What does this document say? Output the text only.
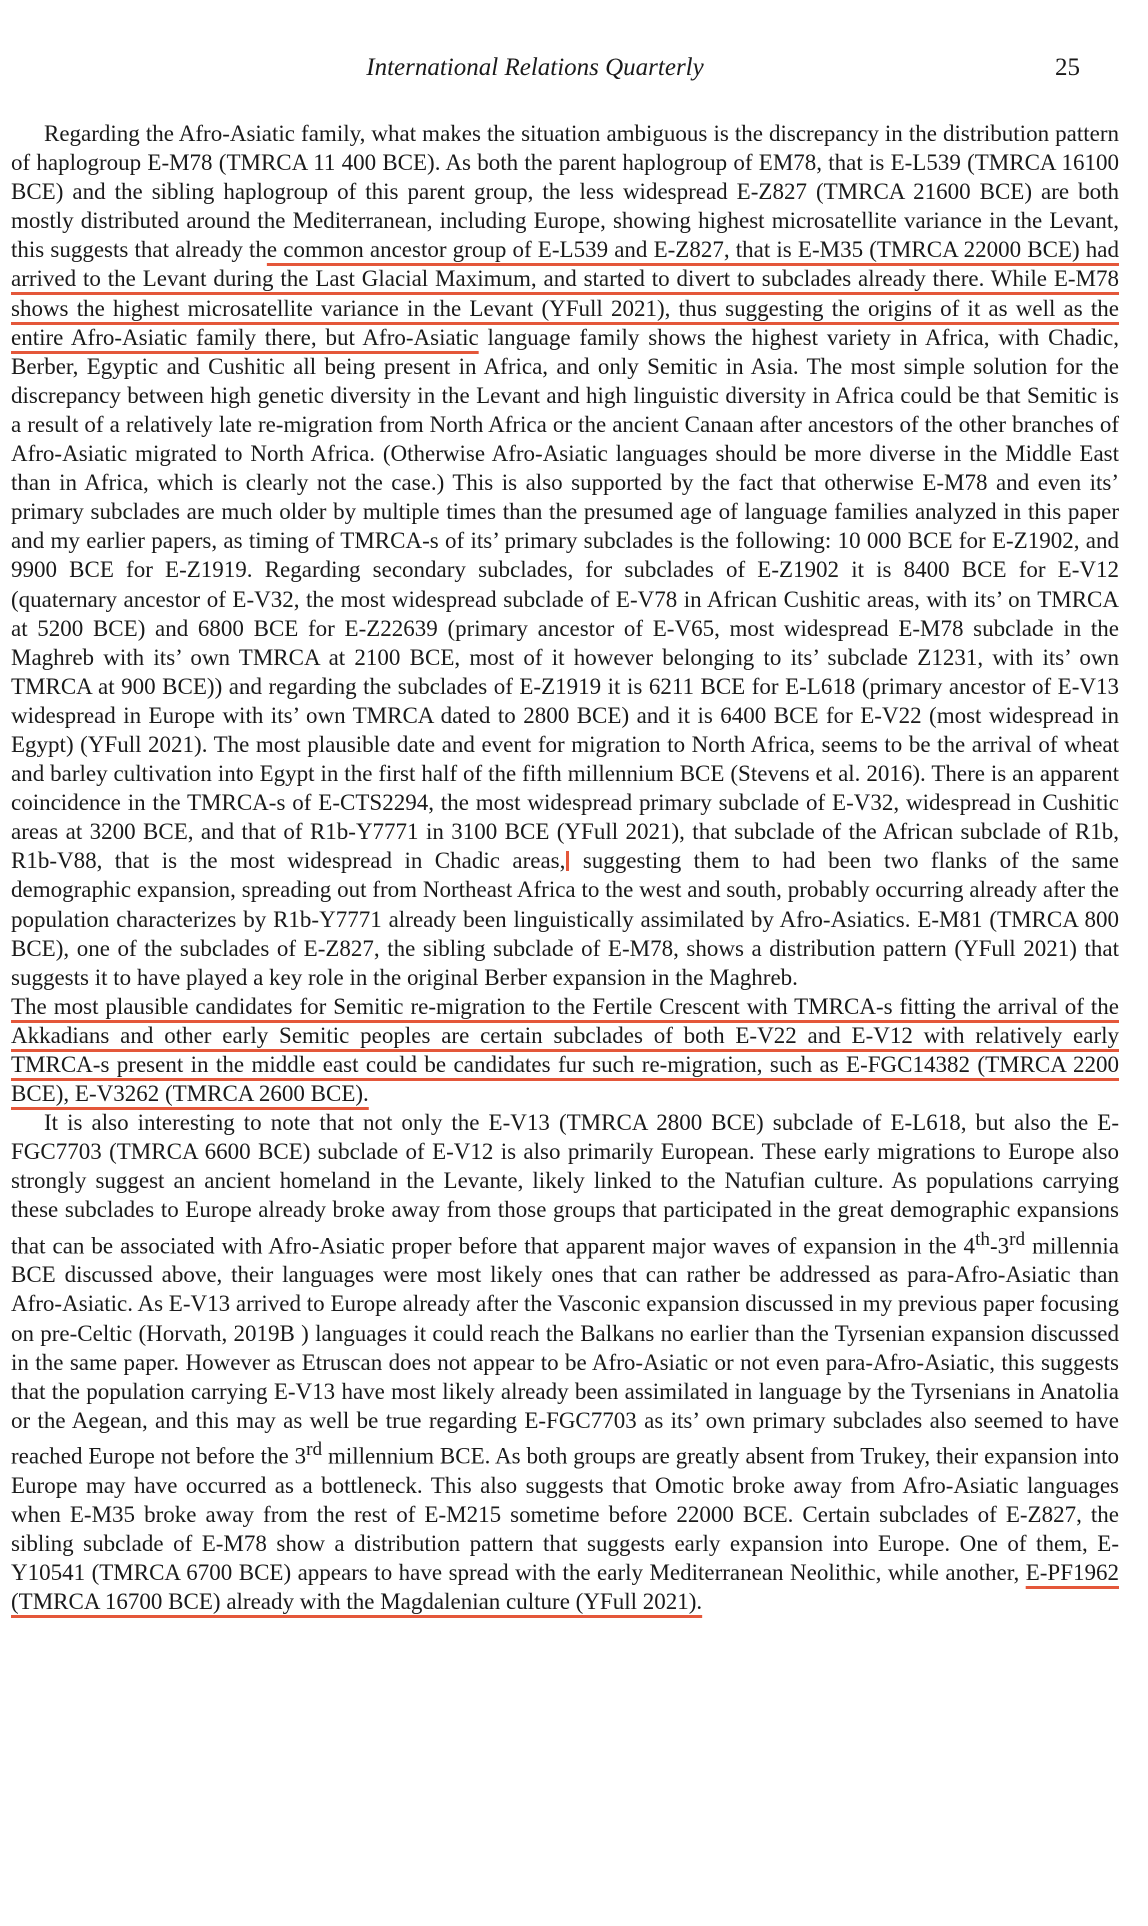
International Relations Quarterly	25

Regarding the Afro-Asiatic family, what makes the situation ambiguous is the discrepancy in the distribution pattern of haplogroup E-M78 (TMRCA 11 400 BCE). As both the parent haplogroup of EM78, that is E-L539 (TMRCA 16100 BCE) and the sibling haplogroup of this parent group, the less widespread E-Z827 (TMRCA 21600 BCE) are both mostly distributed around the Mediterranean, including Europe, showing highest microsatellite variance in the Levant, this suggests that already the common ancestor group of E-L539 and E-Z827, that is E-M35 (TMRCA 22000 BCE) had arrived to the Levant during the Last Glacial Maximum, and started to divert to subclades already there. While E-M78 shows the highest microsatellite variance in the Levant (YFull 2021), thus suggesting the origins of it as well as the entire Afro-Asiatic family there, but Afro-Asiatic language family shows the highest variety in Africa, with Chadic, Berber, Egyptic and Cushitic all being present in Africa, and only Semitic in Asia. The most simple solution for the discrepancy between high genetic diversity in the Levant and high linguistic diversity in Africa could be that Semitic is a result of a relatively late re-migration from North Africa or the ancient Canaan after ancestors of the other branches of Afro-Asiatic migrated to North Africa. (Otherwise Afro-Asiatic languages should be more diverse in the Middle East than in Africa, which is clearly not the case.) This is also supported by the fact that otherwise E-M78 and even its’ primary subclades are much older by multiple times than the presumed age of language families analyzed in this paper and my earlier papers, as timing of TMRCA-s of its’ primary subclades is the following: 10 000 BCE for E-Z1902, and 9900 BCE for E-Z1919. Regarding secondary subclades, for subclades of E-Z1902 it is 8400 BCE for E-V12 (quaternary ancestor of E-V32, the most widespread subclade of E-V78 in African Cushitic areas, with its’ on TMRCA at 5200 BCE) and 6800 BCE for E-Z22639 (primary ancestor of E-V65, most widespread E-M78 subclade in the Maghreb with its’ own TMRCA at 2100 BCE, most of it however belonging to its’ subclade Z1231, with its’ own TMRCA at 900 BCE)) and regarding the subclades of E-Z1919 it is 6211 BCE for E-L618 (primary ancestor of E-V13 widespread in Europe with its’ own TMRCA dated to 2800 BCE) and it is 6400 BCE for E-V22 (most widespread in Egypt) (YFull 2021). The most plausible date and event for migration to North Africa, seems to be the arrival of wheat and barley cultivation into Egypt in the first half of the fifth millennium BCE (Stevens et al. 2016). There is an apparent coincidence in the TMRCA-s of E-CTS2294, the most widespread primary subclade of E-V32, widespread in Cushitic areas at 3200 BCE, and that of R1b-Y7771 in 3100 BCE (YFull 2021), that subclade of the African subclade of R1b, R1b-V88, that is the most widespread in Chadic areas, suggesting them to had been two flanks of the same demographic expansion, spreading out from Northeast Africa to the west and south, probably occurring already after the population characterizes by R1b-Y7771 already been linguistically assimilated by Afro-Asiatics. E-M81 (TMRCA 800 BCE), one of the subclades of E-Z827, the sibling subclade of E-M78, shows a distribution pattern (YFull 2021) that suggests it to have played a key role in the original Berber expansion in the Maghreb.

The most plausible candidates for Semitic re-migration to the Fertile Crescent with TMRCA-s fitting the arrival of the Akkadians and other early Semitic peoples are certain subclades of both E-V22 and E-V12 with relatively early TMRCA-s present in the middle east could be candidates fur such re-migration, such as E-FGC14382 (TMRCA 2200 BCE), E-V3262 (TMRCA 2600 BCE).

It is also interesting to note that not only the E-V13 (TMRCA 2800 BCE) subclade of E-L618, but also the E-FGC7703 (TMRCA 6600 BCE) subclade of E-V12 is also primarily European. These early migrations to Europe also strongly suggest an ancient homeland in the Levante, likely linked to the Natufian culture. As populations carrying these subclades to Europe already broke away from those groups that participated in the great demographic expansions that can be associated with Afro-Asiatic proper before that apparent major waves of expansion in the 4th-3rd millennia BCE discussed above, their languages were most likely ones that can rather be addressed as para-Afro-Asiatic than Afro-Asiatic. As E-V13 arrived to Europe already after the Vasconic expansion discussed in my previous paper focusing on pre-Celtic (Horvath, 2019B ) languages it could reach the Balkans no earlier than the Tyrsenian expansion discussed in the same paper. However as Etruscan does not appear to be Afro-Asiatic or not even para-Afro-Asiatic, this suggests that the population carrying E-V13 have most likely already been assimilated in language by the Tyrsenians in Anatolia or the Aegean, and this may as well be true regarding E-FGC7703 as its’ own primary subclades also seemed to have reached Europe not before the 3rd millennium BCE. As both groups are greatly absent from Trukey, their expansion into Europe may have occurred as a bottleneck. This also suggests that Omotic broke away from Afro-Asiatic languages when E-M35 broke away from the rest of E-M215 sometime before 22000 BCE. Certain subclades of E-Z827, the sibling subclade of E-M78 show a distribution pattern that suggests early expansion into Europe. One of them, E-Y10541 (TMRCA 6700 BCE) appears to have spread with the early Mediterranean Neolithic, while another, E-PF1962 (TMRCA 16700 BCE) already with the Magdalenian culture (YFull 2021).
